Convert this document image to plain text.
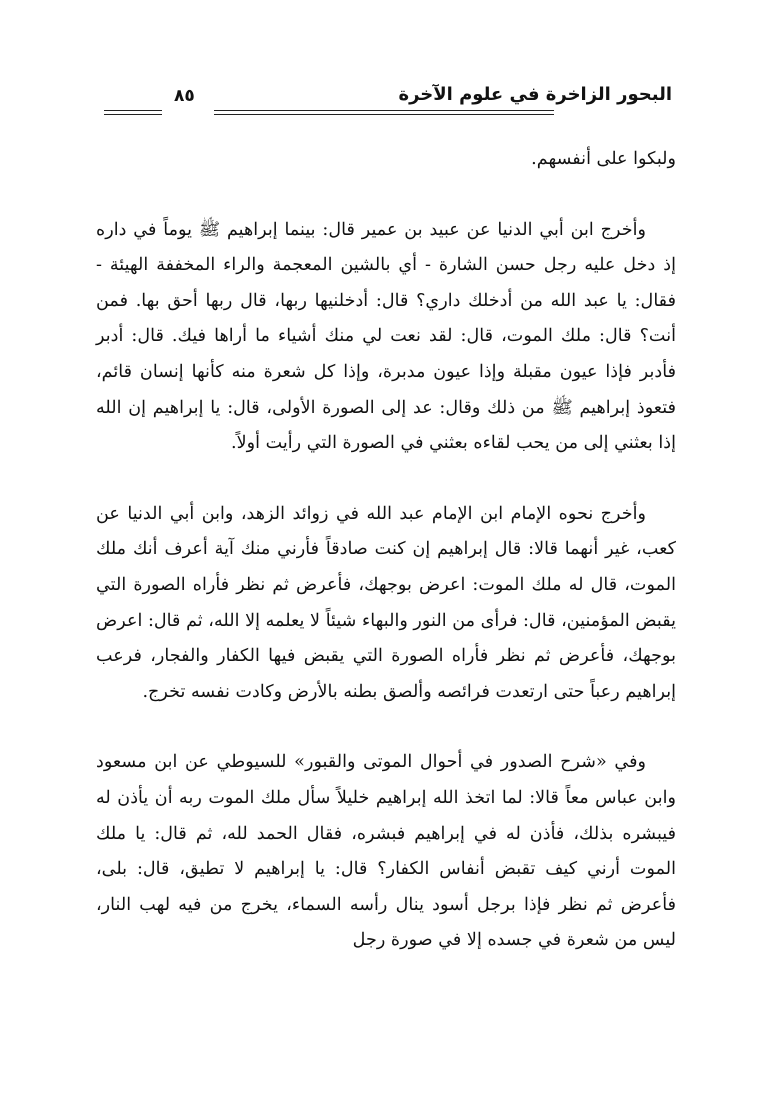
البحور الزاخرة في علوم الآخرة
٨٥

ولبكوا على أنفسهم.

وأخرج ابن أبي الدنيا عن عبيد بن عمير قال: بينما إبراهيم ﷺ يوماً في داره إذ دخل عليه رجل حسن الشارة - أي بالشين المعجمة والراء المخففة الهيئة - فقال: يا عبد الله من أدخلك داري؟ قال: أدخلنيها ربها، قال ربها أحق بها. فمن أنت؟ قال: ملك الموت، قال: لقد نعت لي منك أشياء ما أراها فيك. قال: أدبر فأدبر فإذا عيون مقبلة وإذا عيون مدبرة، وإذا كل شعرة منه كأنها إنسان قائم، فتعوذ إبراهيم ﷺ من ذلك وقال: عد إلى الصورة الأولى، قال: يا إبراهيم إن الله إذا بعثني إلى من يحب لقاءه بعثني في الصورة التي رأيت أولاً.

وأخرج نحوه الإمام ابن الإمام عبد الله في زوائد الزهد، وابن أبي الدنيا عن كعب، غير أنهما قالا: قال إبراهيم إن كنت صادقاً فأرني منك آية أعرف أنك ملك الموت، قال له ملك الموت: اعرض بوجهك، فأعرض ثم نظر فأراه الصورة التي يقبض المؤمنين، قال: فرأى من النور والبهاء شيئاً لا يعلمه إلا الله، ثم قال: اعرض بوجهك، فأعرض ثم نظر فأراه الصورة التي يقبض فيها الكفار والفجار، فرعب إبراهيم رعباً حتى ارتعدت فرائصه وألصق بطنه بالأرض وكادت نفسه تخرج.

وفي «شرح الصدور في أحوال الموتى والقبور» للسيوطي عن ابن مسعود وابن عباس معاً قالا: لما اتخذ الله إبراهيم خليلاً سأل ملك الموت ربه أن يأذن له فيبشره بذلك، فأذن له في إبراهيم فبشره، فقال الحمد لله، ثم قال: يا ملك الموت أرني كيف تقبض أنفاس الكفار؟ قال: يا إبراهيم لا تطيق، قال: بلى، فأعرض ثم نظر فإذا برجل أسود ينال رأسه السماء، يخرج من فيه لهب النار، ليس من شعرة في جسده إلا في صورة رجل
